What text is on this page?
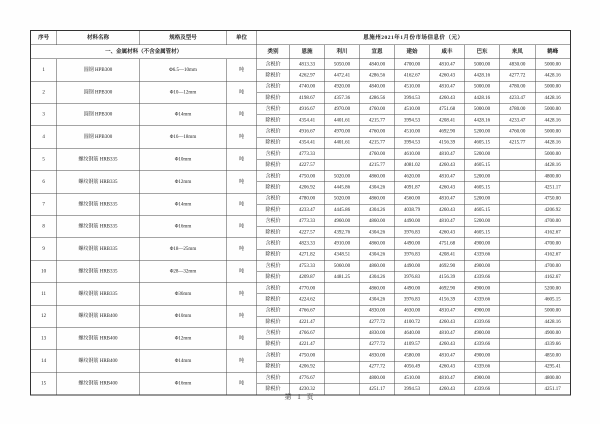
序号	材料名称	规格及型号	单位	恩施州2021年1月份市场信息价（元）								
一、金属材料（不含金属管材）				类别	恩施	利川	宣恩	建始	咸丰	巴东	来凤	鹤峰
1	圆钢 HPB300	Φ6.5—10mm	吨	含税价	4813.33	5050.00	4840.00	4700.00	4810.47	5000.00	4830.00	5000.00
				除税价	4262.97	4472.41	4286.56	4162.67	4260.43	4428.16	4277.72	4428.16
2	圆钢 HPB300	Φ10—12mm	吨	含税价	4740.00	4920.00	4840.00	4510.00	4810.47	5000.00	4780.00	5000.00
				除税价	4198.67	4357.36	4286.56	3994.53	4260.43	4428.16	4233.47	4428.16
3	圆钢 HPB300	Φ14mm	吨	含税价	4916.67	4970.00	4760.00	4510.00	4751.68	5000.00	4780.00	5000.00
				除税价	4354.41	4401.61	4215.77	3994.53	4208.41	4428.16	4233.47	4428.16
4	圆钢 HPB300	Φ16—18mm	吨	含税价	4916.67	4970.00	4760.00	4510.00	4692.90	5200.00	4760.00	5000.00
				除税价	4354.41	4401.61	4215.77	3994.53	4156.39	4605.15	4215.77	4428.16
5	螺纹钢筋 HRB335	Φ10mm	吨	含税价	4773.33		4760.00	4610.00	4810.47	5200.00		5000.00
				除税价	4227.57		4215.77	4081.02	4260.43	4605.15		4428.16
6	螺纹钢筋 HRB335	Φ12mm	吨	含税价	4750.00	5020.00	4860.00	4620.00	4810.47	5200.00		4800.00
				除税价	4206.92	4445.86	4304.26	4091.87	4260.43	4605.15		4251.17
7	螺纹钢筋 HRB335	Φ14mm	吨	含税价	4780.00	5020.00	4860.00	4560.00	4810.47	5200.00		4750.00
				除税价	4233.47	4445.86	4304.26	4038.79	4260.43	4605.15		4206.92
8	螺纹钢筋 HRB335	Φ16mm	吨	含税价	4773.33	4960.00	4860.00	4490.00	4810.47	5200.00		4700.00
				除税价	4227.57	4392.76	4304.26	3976.83	4260.43	4605.15		4162.67
9	螺纹钢筋 HRB335	Φ18—25mm	吨	含税价	4823.33	4910.00	4860.00	4490.00	4751.68	4900.00		4700.00
				除税价	4271.82	4348.51	4304.26	3976.83	4208.41	4339.66		4162.67
10	螺纹钢筋 HRB335	Φ28—32mm	吨	含税价	4753.33	5060.00	4860.00	4490.00	4692.90	4900.00		4700.00
				除税价	4209.87	4481.25	4304.26	3976.83	4156.39	4339.66		4162.67
11	螺纹钢筋 HRB335	Φ36mm	吨	含税价	4770.00		4860.00	4490.00	4692.90	4900.00		5200.00
				除税价	4224.62		4304.26	3976.83	4156.39	4339.66		4605.15
12	螺纹钢筋 HRB400	Φ10mm	吨	含税价	4766.67		4830.00	4630.00	4810.47	4900.00		5000.00
				除税价	4221.47		4277.72	4100.72	4260.43	4339.66		4428.16
13	螺纹钢筋 HRB400	Φ12mm	吨	含税价	4766.67		4830.00	4640.00	4810.47	4900.00		4900.00
				除税价	4221.47		4277.72	4109.57	4260.43	4339.66		4339.66
14	螺纹钢筋 HRB400	Φ14mm	吨	含税价	4750.00		4830.00	4580.00	4810.47	4900.00		4850.00
				除税价	4206.92		4277.72	4056.49	4260.43	4339.66		4295.41
15	螺纹钢筋 HRB400	Φ16mm	吨	含税价	4776.67		4800.00	4510.00	4810.47	4900.00		4800.00
				除税价	4230.32		4251.17	3994.53	4260.43	4339.66		4251.17
第 1 页
